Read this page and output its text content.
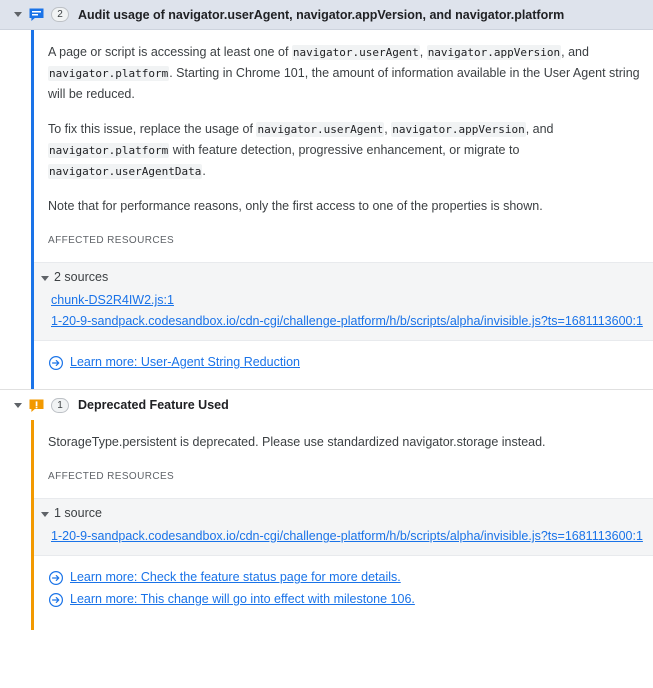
2	Audit usage of navigator.userAgent, navigator.appVersion, and navigator.platform

A page or script is accessing at least one of navigator.userAgent, navigator.appVersion, and navigator.platform. Starting in Chrome 101, the amount of information available in the User Agent string will be reduced.

To fix this issue, replace the usage of navigator.userAgent, navigator.appVersion, and navigator.platform with feature detection, progressive enhancement, or migrate to navigator.userAgentData.

Note that for performance reasons, only the first access to one of the properties is shown.

AFFECTED RESOURCES
2 sources
chunk-DS2R4IW2.js:1
1-20-9-sandpack.codesandbox.io/cdn-cgi/challenge-platform/h/b/scripts/alpha/invisible.js?ts=1681113600:1
Learn more: User-Agent String Reduction
1	Deprecated Feature Used

StorageType.persistent is deprecated. Please use standardized navigator.storage instead.

AFFECTED RESOURCES
1 source
1-20-9-sandpack.codesandbox.io/cdn-cgi/challenge-platform/h/b/scripts/alpha/invisible.js?ts=1681113600:1
Learn more: Check the feature status page for more details.
Learn more: This change will go into effect with milestone 106.
